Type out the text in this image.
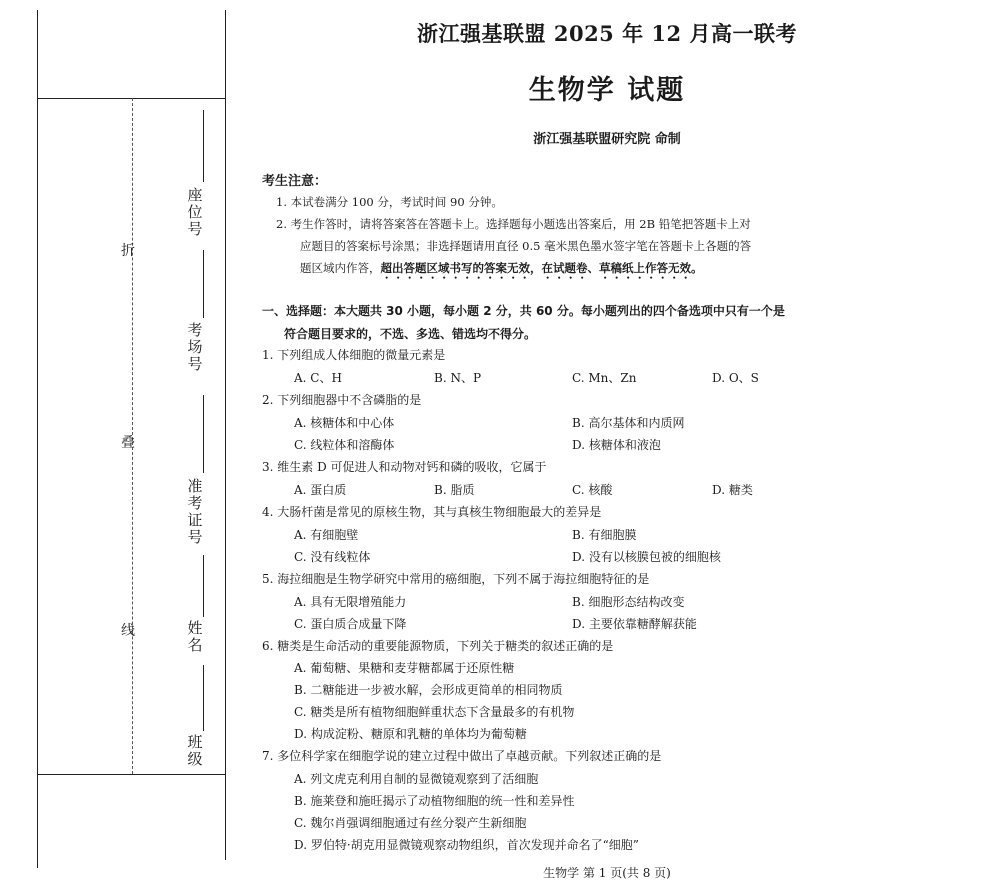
折
叠
线
座位号
考场号
准考证号
姓名
班级
浙江强基联盟 2025 年 12 月高一联考
生物学 试题
浙江强基联盟研究院 命制
考生注意：
1. 本试卷满分 100 分，考试时间 90 分钟。
2. 考生作答时，请将答案答在答题卡上。选择题每小题选出答案后，用 2B 铅笔把答题卡上对
应题目的答案标号涂黑；非选择题请用直径 0.5 毫米黑色墨水签字笔在答题卡上各题的答
题区域内作答，超出答题区域书写的答案无效，在试题卷、草稿纸上作答无效。
一、选择题：本大题共 30 小题，每小题 2 分，共 60 分。每小题列出的四个备选项中只有一个是
符合题目要求的，不选、多选、错选均不得分。
1. 下列组成人体细胞的微量元素是
A. C、H	B. N、P	C. Mn、Zn	D. O、S
2. 下列细胞器中不含磷脂的是
A. 核糖体和中心体	B. 高尔基体和内质网
C. 线粒体和溶酶体	D. 核糖体和液泡
3. 维生素 D 可促进人和动物对钙和磷的吸收，它属于
A. 蛋白质	B. 脂质	C. 核酸	D. 糖类
4. 大肠杆菌是常见的原核生物，其与真核生物细胞最大的差异是
A. 有细胞壁	B. 有细胞膜
C. 没有线粒体	D. 没有以核膜包被的细胞核
5. 海拉细胞是生物学研究中常用的癌细胞，下列不属于海拉细胞特征的是
A. 具有无限增殖能力	B. 细胞形态结构改变
C. 蛋白质合成量下降	D. 主要依靠糖酵解获能
6. 糖类是生命活动的重要能源物质，下列关于糖类的叙述正确的是
A. 葡萄糖、果糖和麦芽糖都属于还原性糖
B. 二糖能进一步被水解，会形成更简单的相同物质
C. 糖类是所有植物细胞鲜重状态下含量最多的有机物
D. 构成淀粉、糖原和乳糖的单体均为葡萄糖
7. 多位科学家在细胞学说的建立过程中做出了卓越贡献。下列叙述正确的是
A. 列文虎克利用自制的显微镜观察到了活细胞
B. 施莱登和施旺揭示了动植物细胞的统一性和差异性
C. 魏尔肖强调细胞通过有丝分裂产生新细胞
D. 罗伯特·胡克用显微镜观察动物组织，首次发现并命名了“细胞”
生物学 第 1 页(共 8 页)
